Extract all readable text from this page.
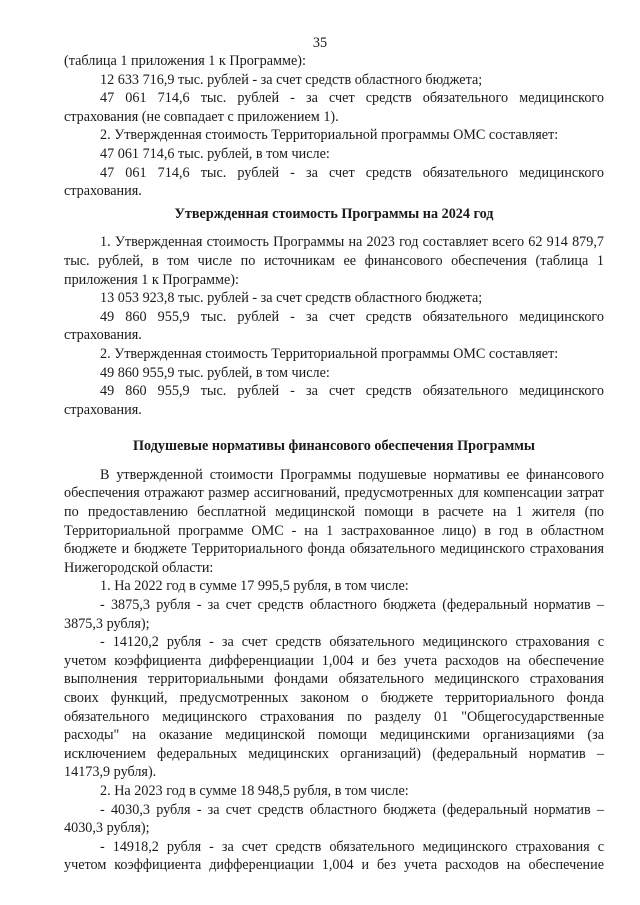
35

(таблица 1 приложения 1 к Программе):

12 633 716,9 тыс. рублей - за счет средств областного бюджета;

47 061 714,6 тыс. рублей - за счет средств обязательного медицинского страхования (не совпадает с приложением 1).

2. Утвержденная стоимость Территориальной программы ОМС составляет:

47 061 714,6 тыс. рублей, в том числе:

47 061 714,6 тыс. рублей - за счет средств обязательного медицинского страхования.

Утвержденная стоимость Программы на 2024 год

1. Утвержденная стоимость Программы на 2023 год составляет всего 62 914 879,7 тыс. рублей, в том числе по источникам ее финансового обеспечения (таблица 1 приложения 1 к Программе):

13 053 923,8 тыс. рублей - за счет средств областного бюджета;

49 860 955,9 тыс. рублей - за счет средств обязательного медицинского страхования.

2. Утвержденная стоимость Территориальной программы ОМС составляет:

49 860 955,9 тыс. рублей, в том числе:

49 860 955,9 тыс. рублей - за счет средств обязательного медицинского страхования.

Подушевые нормативы финансового обеспечения Программы

В утвержденной стоимости Программы подушевые нормативы ее финансового обеспечения отражают размер ассигнований, предусмотренных для компенсации затрат по предоставлению бесплатной медицинской помощи в расчете на 1 жителя (по Территориальной программе ОМС - на 1 застрахованное лицо) в год в областном бюджете и бюджете Территориального фонда обязательного медицинского страхования Нижегородской области:

1. На 2022 год в сумме 17 995,5 рубля, в том числе:

- 3875,3 рубля - за счет средств областного бюджета (федеральный норматив – 3875,3 рубля);

- 14120,2 рубля - за счет средств обязательного медицинского страхования с учетом коэффициента дифференциации 1,004 и без учета расходов на обеспечение выполнения территориальными фондами обязательного медицинского страхования своих функций, предусмотренных законом о бюджете территориального фонда обязательного медицинского страхования по разделу 01 "Общегосударственные расходы" на оказание медицинской помощи медицинскими организациями (за исключением федеральных медицинских организаций) (федеральный норматив – 14173,9 рубля).

2. На 2023 год в сумме 18 948,5 рубля, в том числе:

- 4030,3 рубля - за счет средств областного бюджета (федеральный норматив – 4030,3 рубля);

- 14918,2 рубля - за счет средств обязательного медицинского страхования с учетом коэффициента дифференциации 1,004 и без учета расходов на обеспечение
